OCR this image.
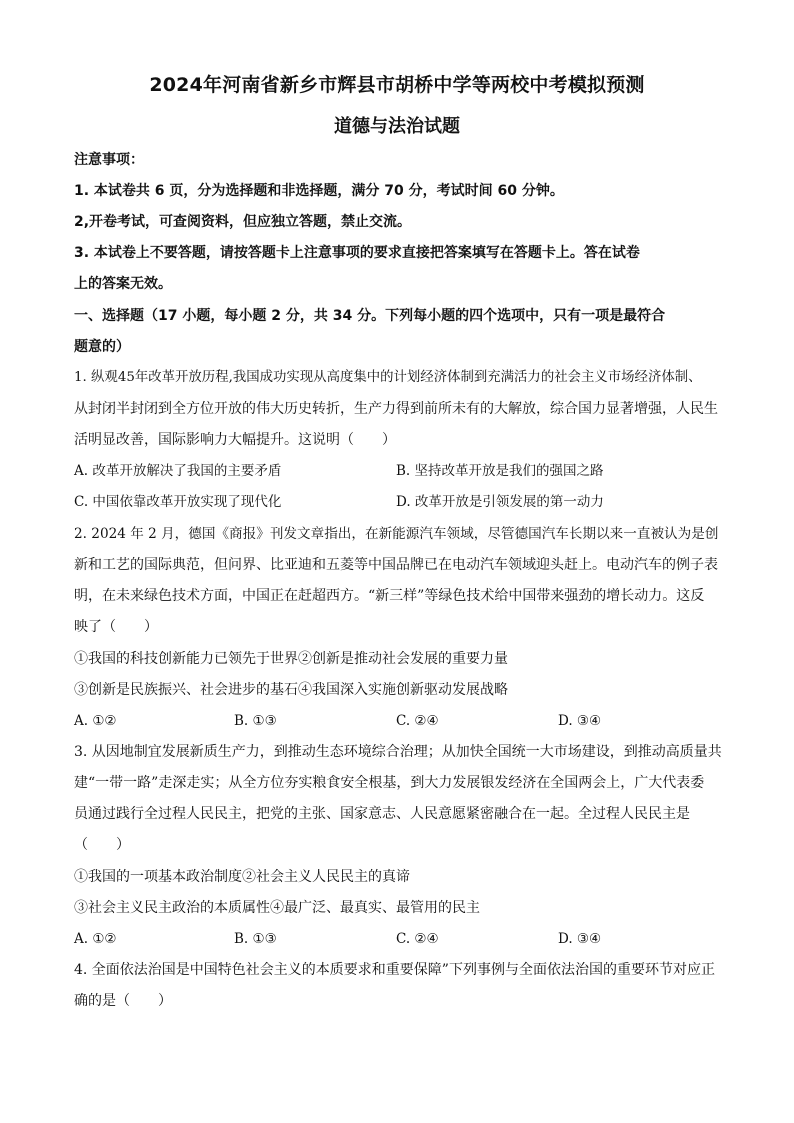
2024年河南省新乡市辉县市胡桥中学等两校中考模拟预测
道德与法治试题
注意事项：
1. 本试卷共 6 页，分为选择题和非选择题，满分 70 分，考试时间 60 分钟。
2,开卷考试，可查阅资料，但应独立答题，禁止交流。
3. 本试卷上不要答题，请按答题卡上注意事项的要求直接把答案填写在答题卡上。答在试卷
上的答案无效。
一、选择题（17 小题，每小题 2 分，共 34 分。下列每小题的四个选项中，只有一项是最符合
题意的）
1. 纵观45年改革开放历程,我国成功实现从高度集中的计划经济体制到充满活力的社会主义市场经济体制、
从封闭半封闭到全方位开放的伟大历史转折，生产力得到前所未有的大解放，综合国力显著增强，人民生
活明显改善，国际影响力大幅提升。这说明（　　）
A. 改革开放解决了我国的主要矛盾	B. 坚持改革开放是我们的强国之路
C. 中国依靠改革开放实现了现代化	D. 改革开放是引领发展的第一动力
2. 2024 年 2 月，德国《商报》刊发文章指出，在新能源汽车领域，尽管德国汽车长期以来一直被认为是创
新和工艺的国际典范，但问界、比亚迪和五菱等中国品牌已在电动汽车领域迎头赶上。电动汽车的例子表
明，在未来绿色技术方面，中国正在赶超西方。“新三样”等绿色技术给中国带来强劲的增长动力。这反
映了（　　）
①我国的科技创新能力已领先于世界②创新是推动社会发展的重要力量
③创新是民族振兴、社会进步的基石④我国深入实施创新驱动发展战略
A. ①②	B. ①③	C. ②④	D. ③④
3. 从因地制宜发展新质生产力，到推动生态环境综合治理；从加快全国统一大市场建设，到推动高质量共
建“一带一路”走深走实；从全方位夯实粮食安全根基，到大力发展银发经济在全国两会上，广大代表委
员通过践行全过程人民民主，把党的主张、国家意志、人民意愿紧密融合在一起。全过程人民民主是
（　　）
①我国的一项基本政治制度②社会主义人民民主的真谛
③社会主义民主政治的本质属性④最广泛、最真实、最管用的民主
A. ①②	B. ①③	C. ②④	D. ③④
4. 全面依法治国是中国特色社会主义的本质要求和重要保障”下列事例与全面依法治国的重要环节对应正
确的是（　　）
